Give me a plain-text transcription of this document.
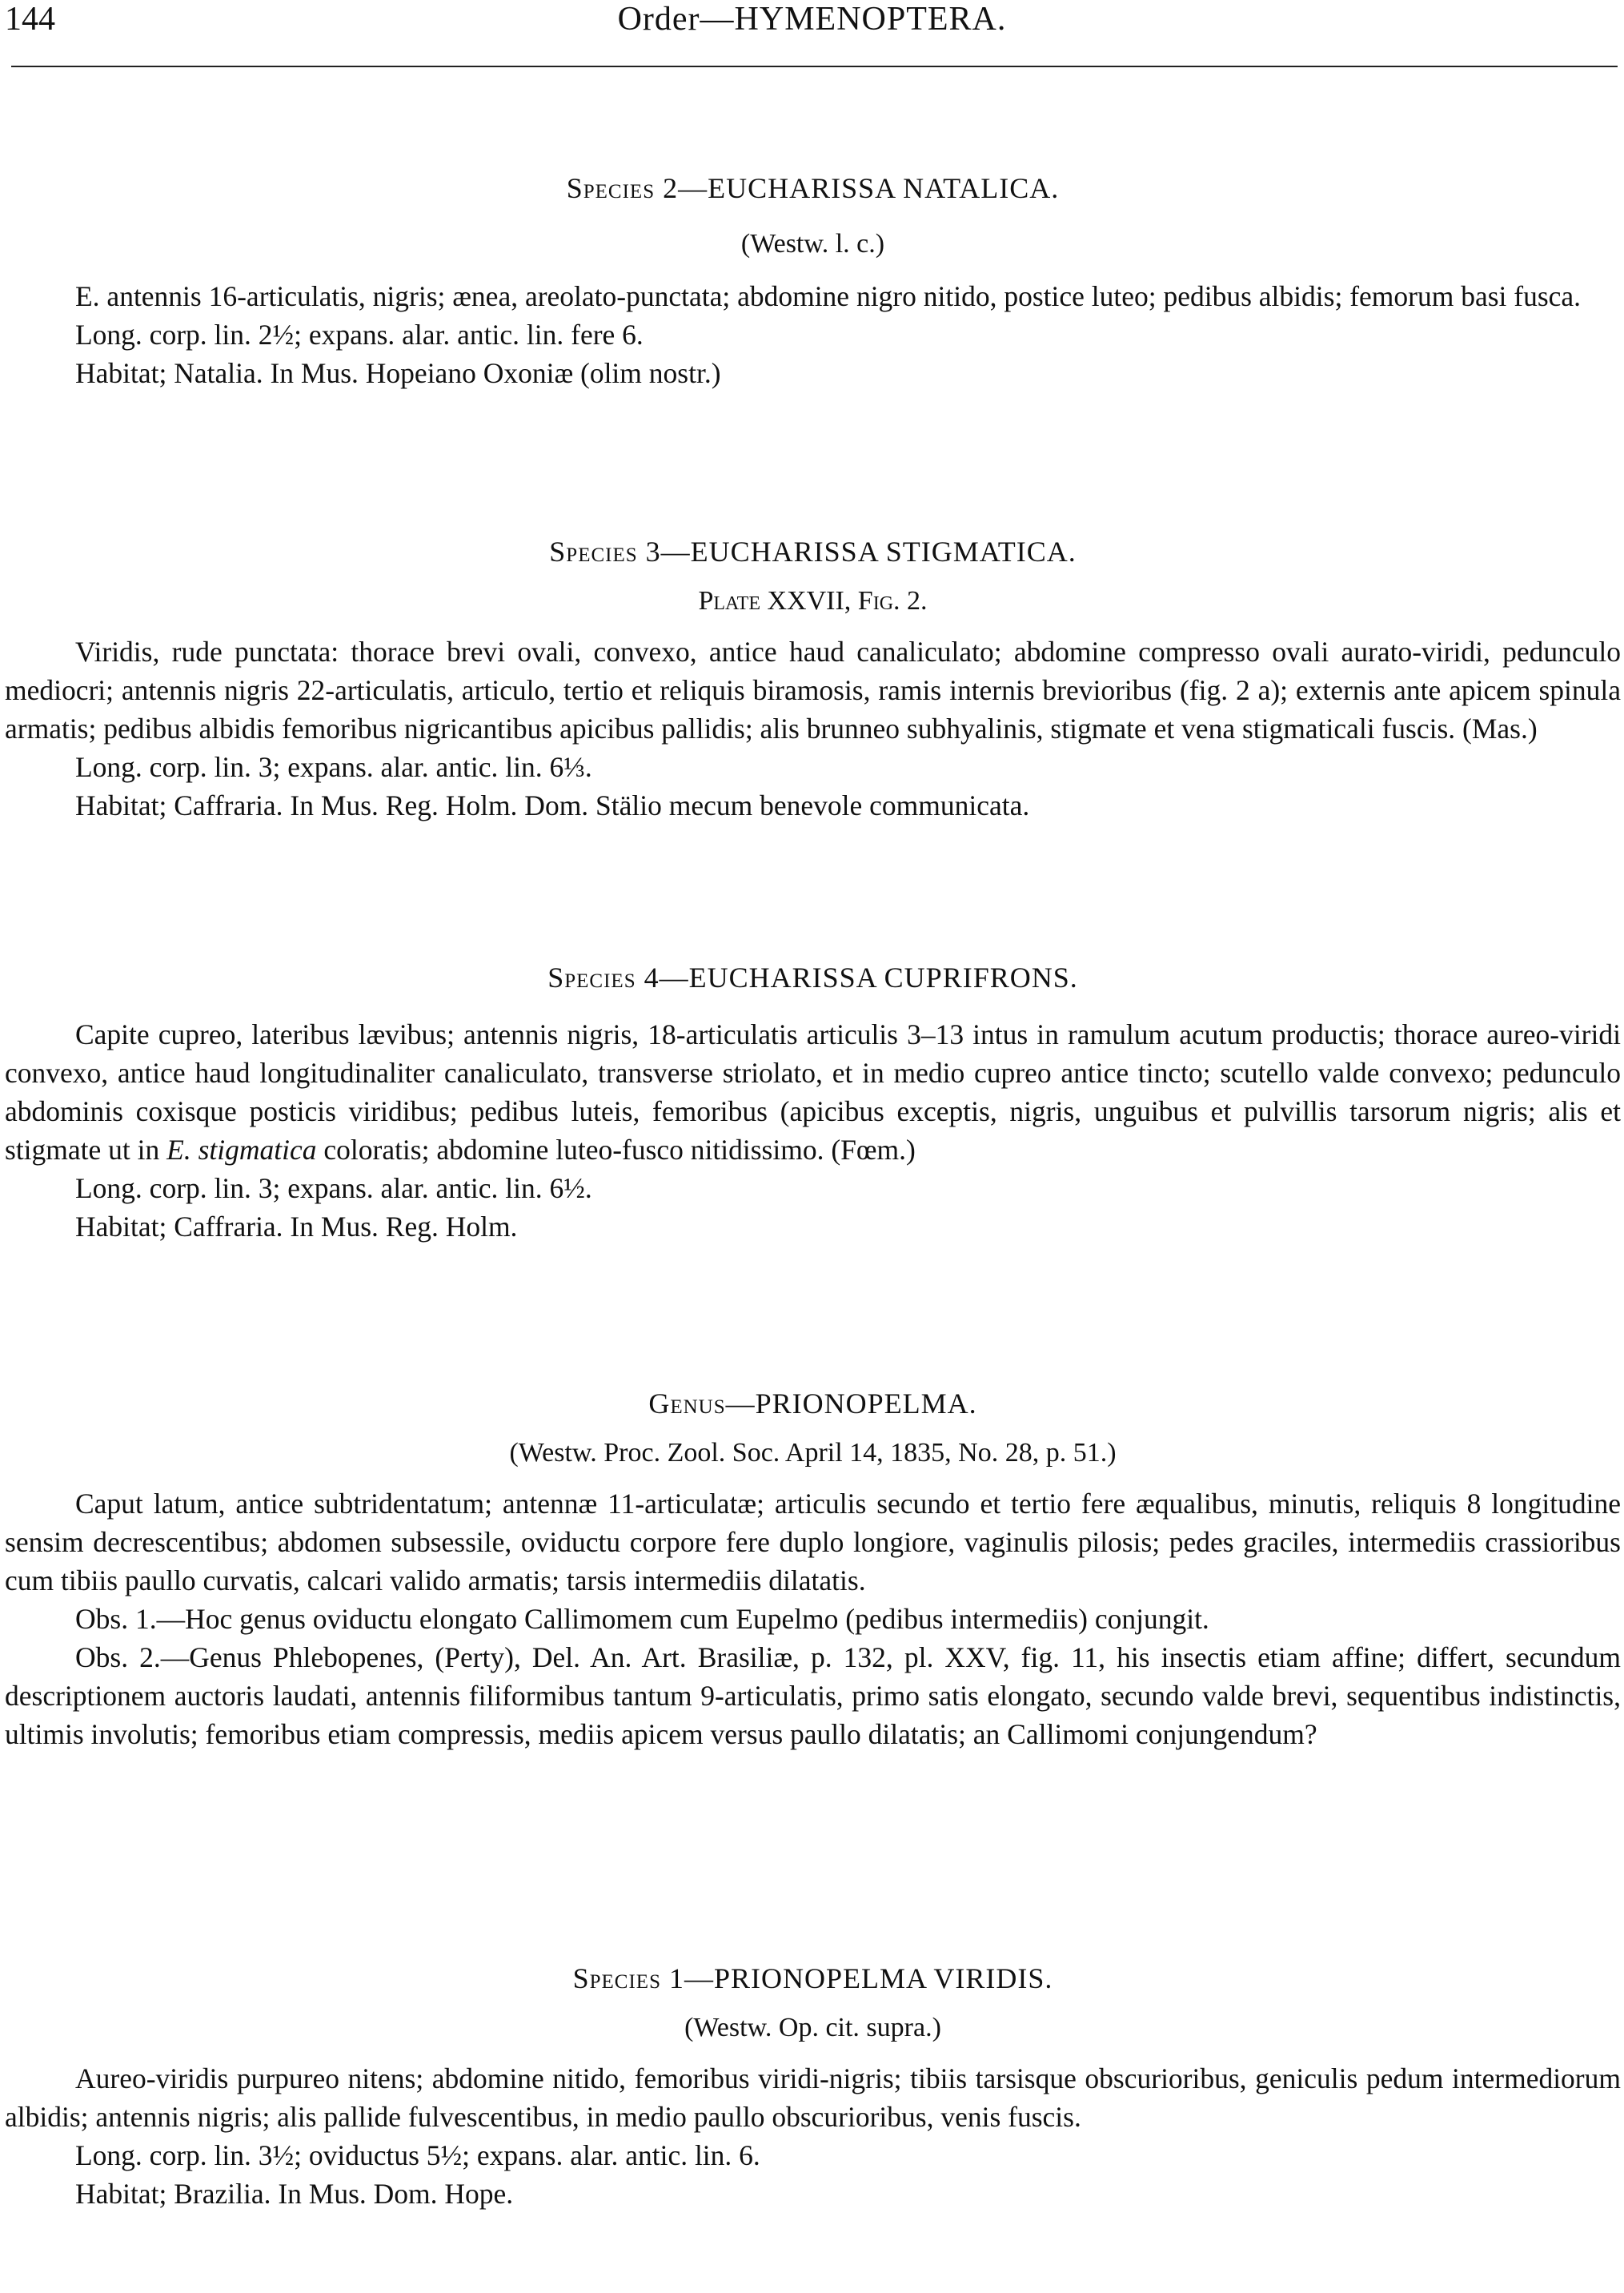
144	Order—HYMENOPTERA.
Species 2—EUCHARISSA NATALICA.
(Westw. l. c.)

E. antennis 16-articulatis, nigris; ænea, areolato-punctata; abdomine nigro nitido, postice luteo; pedibus albidis; femorum basi fusca.

Long. corp. lin. 2½; expans. alar. antic. lin. fere 6.

Habitat; Natalia. In Mus. Hopeiano Oxoniæ (olim nostr.)

Species 3—EUCHARISSA STIGMATICA.
Plate XXVII, Fig. 2.

Viridis, rude punctata: thorace brevi ovali, convexo, antice haud canaliculato; abdomine compresso ovali aurato-viridi, pedunculo mediocri; antennis nigris 22-articulatis, articulo, tertio et reliquis biramosis, ramis internis brevioribus (fig. 2 a); externis ante apicem spinula armatis; pedibus albidis femoribus nigricantibus apicibus pallidis; alis brunneo subhyalinis, stigmate et vena stigmaticali fuscis. (Mas.)

Long. corp. lin. 3; expans. alar. antic. lin. 6⅓.

Habitat; Caffraria. In Mus. Reg. Holm. Dom. Stälio mecum benevole communicata.

Species 4—EUCHARISSA CUPRIFRONS.

Capite cupreo, lateribus lævibus; antennis nigris, 18-articulatis articulis 3–13 intus in ramulum acutum productis; thorace aureo-viridi convexo, antice haud longitudinaliter canaliculato, transverse striolato, et in medio cupreo antice tincto; scutello valde convexo; pedunculo abdominis coxisque posticis viridibus; pedibus luteis, femoribus (apicibus exceptis, nigris, unguibus et pulvillis tarsorum nigris; alis et stigmate ut in E. stigmatica coloratis; abdomine luteo-fusco nitidissimo. (Fœm.)

Long. corp. lin. 3; expans. alar. antic. lin. 6½.

Habitat; Caffraria. In Mus. Reg. Holm.

Genus—PRIONOPELMA.
(Westw. Proc. Zool. Soc. April 14, 1835, No. 28, p. 51.)

Caput latum, antice subtridentatum; antennæ 11-articulatæ; articulis secundo et tertio fere æqualibus, minutis, reliquis 8 longitudine sensim decrescentibus; abdomen subsessile, oviductu corpore fere duplo longiore, vaginulis pilosis; pedes graciles, intermediis crassioribus cum tibiis paullo curvatis, calcari valido armatis; tarsis intermediis dilatatis.

Obs. 1.—Hoc genus oviductu elongato Callimomem cum Eupelmo (pedibus intermediis) conjungit.

Obs. 2.—Genus Phlebopenes, (Perty), Del. An. Art. Brasiliæ, p. 132, pl. XXV, fig. 11, his insectis etiam affine; differt, secundum descriptionem auctoris laudati, antennis filiformibus tantum 9-articulatis, primo satis elongato, secundo valde brevi, sequentibus indistinctis, ultimis involutis; femoribus etiam compressis, mediis apicem versus paullo dilatatis; an Callimomi conjungendum?

Species 1—PRIONOPELMA VIRIDIS.
(Westw. Op. cit. supra.)

Aureo-viridis purpureo nitens; abdomine nitido, femoribus viridi-nigris; tibiis tarsisque obscurioribus, geniculis pedum intermediorum albidis; antennis nigris; alis pallide fulvescentibus, in medio paullo obscurioribus, venis fuscis.

Long. corp. lin. 3½; oviductus 5½; expans. alar. antic. lin. 6.

Habitat; Brazilia. In Mus. Dom. Hope.
